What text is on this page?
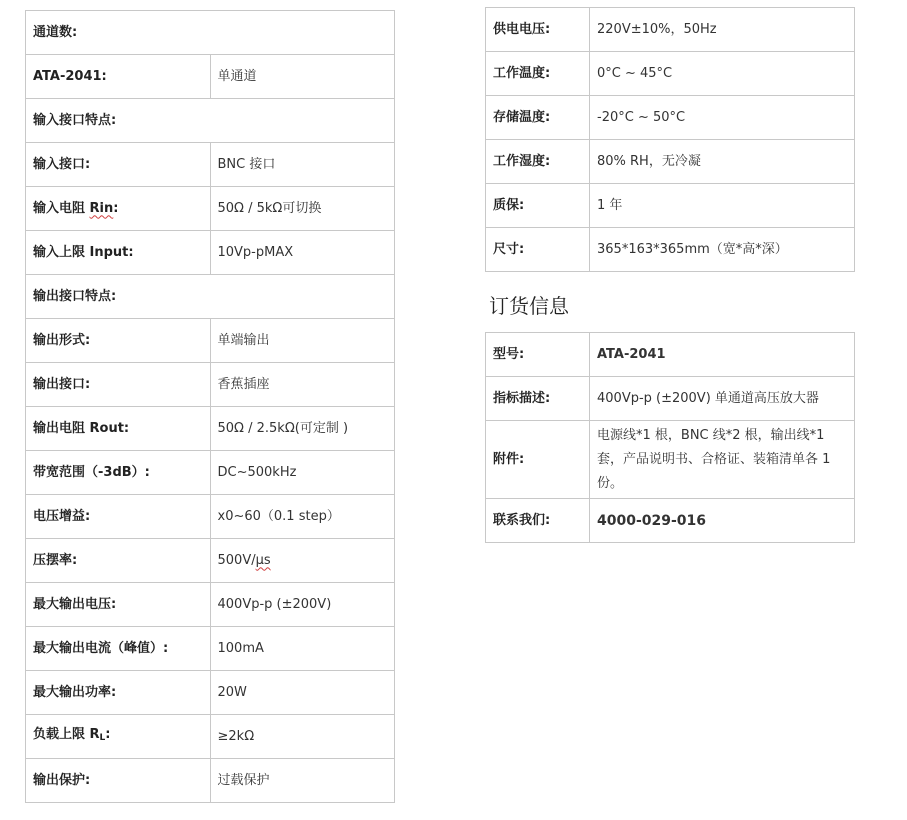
通道数:	
ATA-2041:	单通道
输入接口特点:	
输入接口:	BNC 接口
输入电阻 Rin:	50Ω / 5kΩ可切换
输入上限 Input:	10Vp-pMAX
输出接口特点:	
输出形式:	单端输出
输出接口:	香蕉插座
输出电阻 Rout:	50Ω / 2.5kΩ(可定制 )
带宽范围（-3dB）:	DC~500kHz
电压增益:	x0~60（0.1 step）
压摆率:	500V/μs
最大输出电压:	400Vp-p (±200V)
最大输出电流（峰值）:	100mA
最大输出功率:	20W
负载上限 RL:	≥2kΩ
输出保护:	过载保护
供电电压:	220V±10%，50Hz
工作温度:	0°C ~ 45°C
存储温度:	-20°C ~ 50°C
工作湿度:	80% RH，无冷凝
质保:	1 年
尺寸:	365*163*365mm（宽*高*深）
订货信息
型号:	ATA-2041
指标描述:	400Vp-p (±200V) 单通道高压放大器
附件:	电源线*1 根，BNC 线*2 根，输出线*1 套，产品说明书、合格证、装箱清单各 1 份。
联系我们:	4000-029-016
